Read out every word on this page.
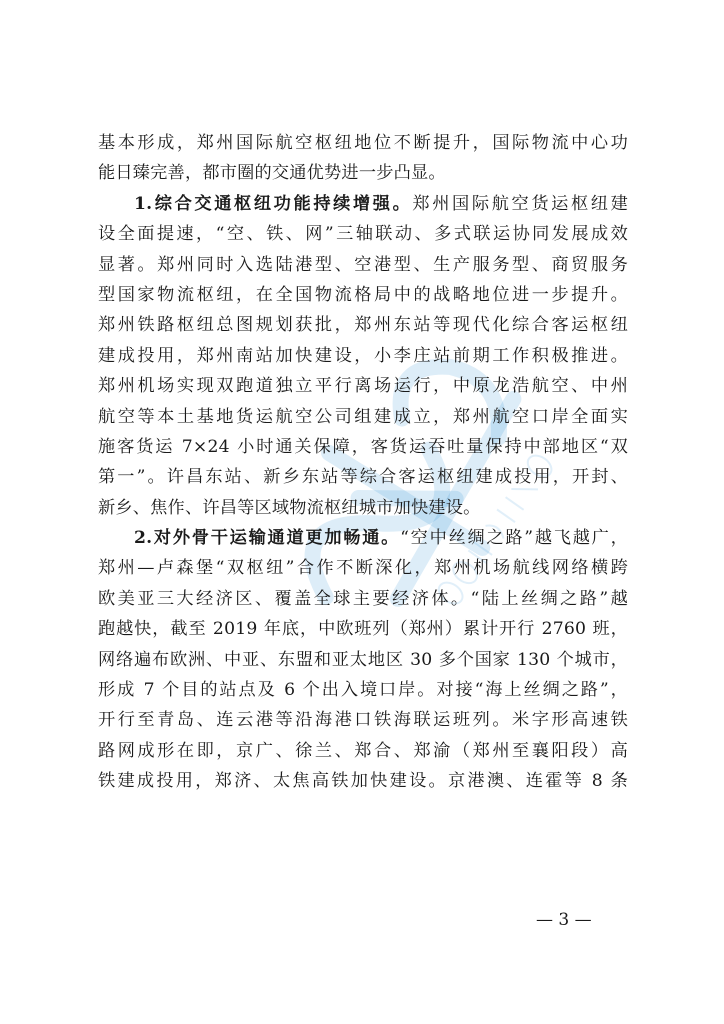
基本形成，郑州国际航空枢纽地位不断提升，国际物流中心功
能日臻完善，都市圈的交通优势进一步凸显。
1.综合交通枢纽功能持续增强。郑州国际航空货运枢纽建
设全面提速，“空、铁、网”三轴联动、多式联运协同发展成效
显著。郑州同时入选陆港型、空港型、生产服务型、商贸服务
型国家物流枢纽，在全国物流格局中的战略地位进一步提升。
郑州铁路枢纽总图规划获批，郑州东站等现代化综合客运枢纽
建成投用，郑州南站加快建设，小李庄站前期工作积极推进。
郑州机场实现双跑道独立平行离场运行，中原龙浩航空、中州
航空等本土基地货运航空公司组建成立，郑州航空口岸全面实
施客货运 7×24 小时通关保障，客货运吞吐量保持中部地区“双
第一”。许昌东站、新乡东站等综合客运枢纽建成投用，开封、
新乡、焦作、许昌等区域物流枢纽城市加快建设。
2.对外骨干运输通道更加畅通。“空中丝绸之路”越飞越广，
郑州—卢森堡“双枢纽”合作不断深化，郑州机场航线网络横跨
欧美亚三大经济区、覆盖全球主要经济体。“陆上丝绸之路”越
跑越快，截至 2019 年底，中欧班列（郑州）累计开行 2760 班，
网络遍布欧洲、中亚、东盟和亚太地区 30 多个国家 130 个城市，
形成 7 个目的站点及 6 个出入境口岸。对接“海上丝绸之路”，
开行至青岛、连云港等沿海港口铁海联运班列。米字形高速铁
路网成形在即，京广、徐兰、郑合、郑渝（郑州至襄阳段）高
铁建成投用，郑济、太焦高铁加快建设。京港澳、连霍等 8 条
— 3 —
